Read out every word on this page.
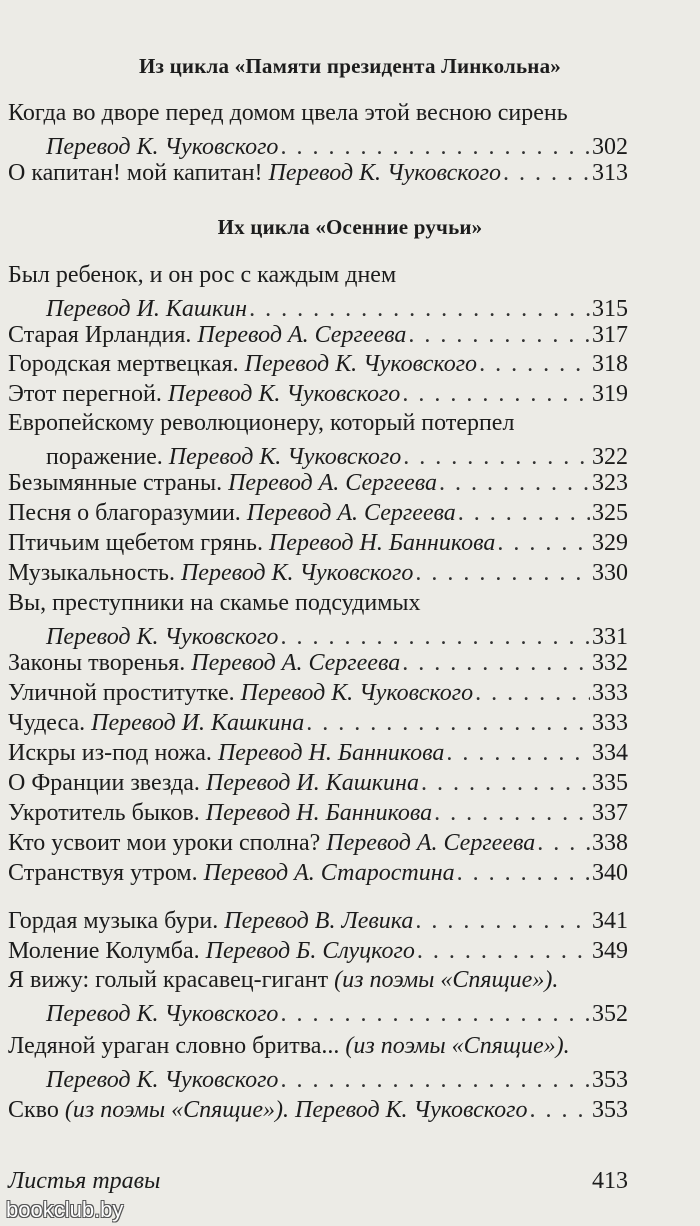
Из цикла «Памяти президента Линкольна»
Когда во дворе перед домом цвела этой весною сирень
Перевод К. Чуковского . . .	302
О капитан! мой капитан!
Перевод К. Чуковского . . .	313
Их цикла «Осенние ручьи»
Был ребенок, и он рос с каждым днем
Перевод И. Кашкин . . .	315
Старая Ирландия.
Перевод А. Сергеева . . .	317
Городская мертвецкая.
Перевод К. Чуковского . . .	318
Этот перегной.
Перевод К. Чуковского . . .	319
Европейскому революционеру, который потерпел
поражение.
Перевод К. Чуковского . . .	322
Безымянные страны.
Перевод А. Сергеева . . .	323
Песня о благоразумии.
Перевод А. Сергеева . . .	325
Птичьим щебетом грянь.
Перевод Н. Банникова . . .	329
Музыкальность.
Перевод К. Чуковского . . .	330
Вы, преступники на скамье подсудимых
Перевод К. Чуковского . . .	331
Законы творенья.
Перевод А. Сергеева . . .	332
Уличной проститутке.
Перевод К. Чуковского . . .	333
Чудеса.
Перевод И. Кашкина . . .	333
Искры из-под ножа.
Перевод Н. Банникова . . .	334
О Франции звезда.
Перевод И. Кашкина . . .	335
Укротитель быков.
Перевод Н. Банникова . . .	337
Кто усвоит мои уроки сполна?
Перевод А. Сергеева . . . 338
Странствуя утром.
Перевод А. Старостина . . .	340
Гордая музыка бури.
Перевод В. Левика . . .	341
Моление Колумба.
Перевод Б. Слуцкого . . .	349
Я вижу: голый красавец-гигант
(из поэмы «Спящие»).
Перевод К. Чуковского . . .	352
Ледяной ураган словно бритва...
(из поэмы «Спящие»).
Перевод К. Чуковского . . .	353
Скво
(из поэмы «Спящие»).
Перевод К. Чуковского . . .	353
Листья травы	413
bookclub.by
